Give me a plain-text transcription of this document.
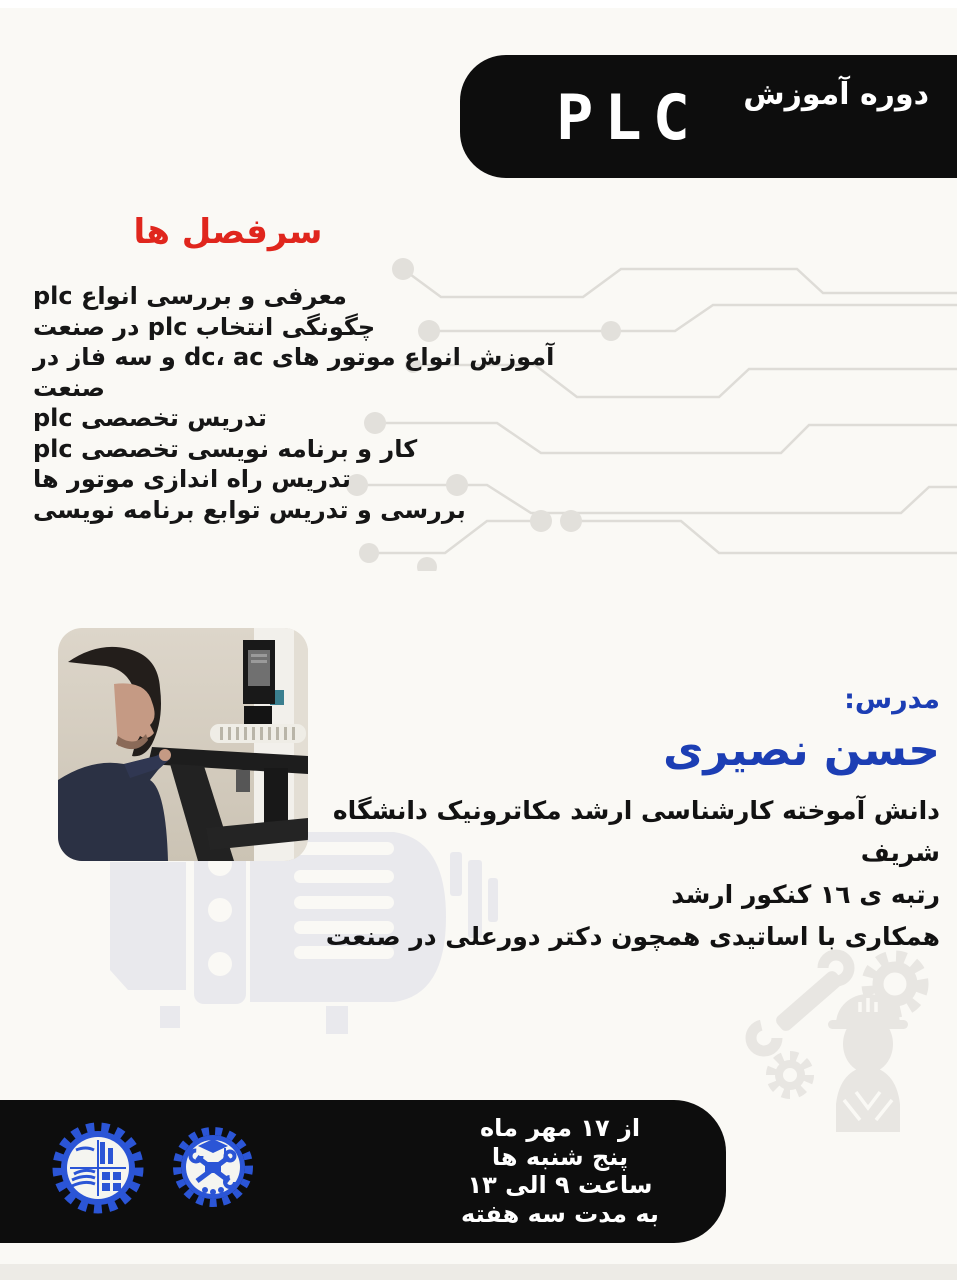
دوره آموزش
PLC
سرفصل ها
معرفی و بررسی انواع plc
چگونگی انتخاب plc در صنعت
آموزش انواع موتور های dc، ac و سه فاز در صنعت
تدریس تخصصی plc
کار و برنامه نویسی تخصصی plc
تدریس راه اندازی موتور ها
بررسی و تدریس توابع برنامه نویسی
مدرس:
حسن نصیری
دانش آموخته کارشناسی ارشد مکاترونیک دانشگاه شریف
رتبه ی ١٦ کنکور ارشد
همکاری با اساتیدی همچون دکتر دورعلی در صنعت
از ١٧ مهر ماه
پنج شنبه ها
ساعت ٩ الی ١٣
به مدت سه هفته
